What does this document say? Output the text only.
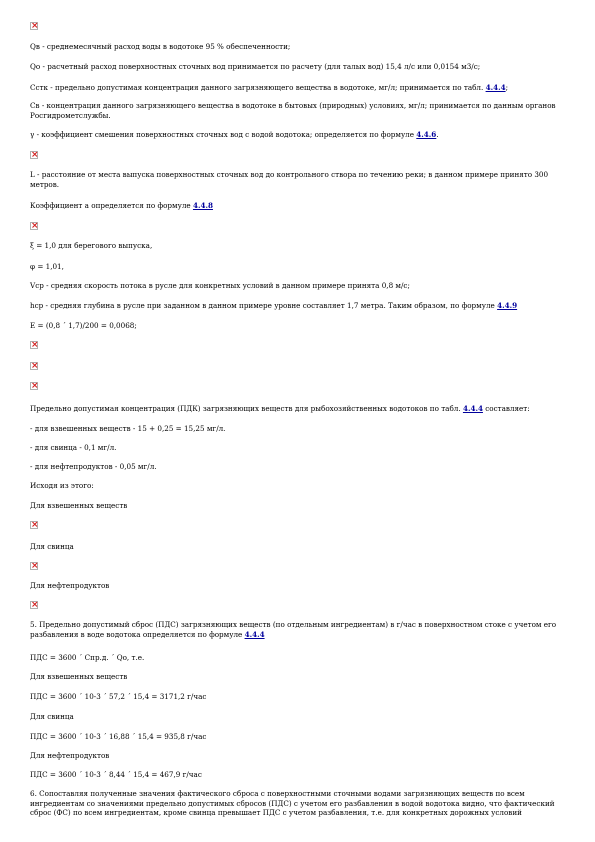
×

Qв - среднемесячный расход воды в водотоке 95 % обеспеченности;

Qо - расчетный расход поверхностных сточных вод принимается по расчету (для талых вод) 15,4 л/с или 0,0154 м3/с;

Сстк - предельно допустимая концентрация данного загрязняющего вещества в водотоке, мг/л; принимается по табл. 4.4.4;

Св - концентрация данного загрязняющего вещества в водотоке в бытовых (природных) условиях, мг/л; принимается по данным органов Росгидрометслужбы.

γ - коэффициент смешения поверхностных сточных вод с водой водотока; определяется по формуле 4.4.6.

×

L - расстояние от места выпуска поверхностных сточных вод до контрольного створа по течению реки; в данном примере принято 300 метров.

Коэффициент a определяется по формуле 4.4.8

×

ξ = 1,0 для берегового выпуска,

φ = 1,01,

Vср - средняя скорость потока в русле для конкретных условий в данном примере принята 0,8 м/с;

hср - средняя глубина в русле при заданном в данном примере уровне составляет 1,7 метра. Таким образом, по формуле 4.4.9

E = (0,8 ´ 1,7)/200 = 0,0068;

×
×
×

Предельно допустимая концентрация (ПДК) загрязняющих веществ для рыбохозяйственных водотоков по табл. 4.4.4 составляет:

- для взвешенных веществ - 15 + 0,25 = 15,25 мг/л.

- для свинца - 0,1 мг/л.

- для нефтепродуктов - 0,05 мг/л.

Исходя из этого:

Для взвешенных веществ

×

Для свинца

×

Для нефтепродуктов

×

5. Предельно допустимый сброс (ПДС) загрязняющих веществ (по отдельным ингредиентам) в г/час в поверхностном стоке с учетом его разбавления в воде водотока определяется по формуле 4.4.4

ПДС = 3600 ´ Спр.д. ´ Qо, т.е.

Для взвешенных веществ

ПДС = 3600 ´ 10-3 ´ 57,2 ´ 15,4 = 3171,2 г/час

Для свинца

ПДС = 3600 ´ 10-3 ´ 16,88 ´ 15,4 = 935,8 г/час

Для нефтепродуктов

ПДС = 3600 ´ 10-3 ´ 8,44 ´ 15,4 = 467,9 г/час

6. Сопоставляя полученные значения фактического сброса с поверхностными сточными водами загрязняющих веществ по всем ингредиентам со значениями предельно допустимых сбросов (ПДС) с учетом его разбавления в водой водотока видно, что фактический сброс (ФС) по всем ингредиентам, кроме свинца превышает ПДС с учетом разбавления, т.е. для конкретных дорожных условий
